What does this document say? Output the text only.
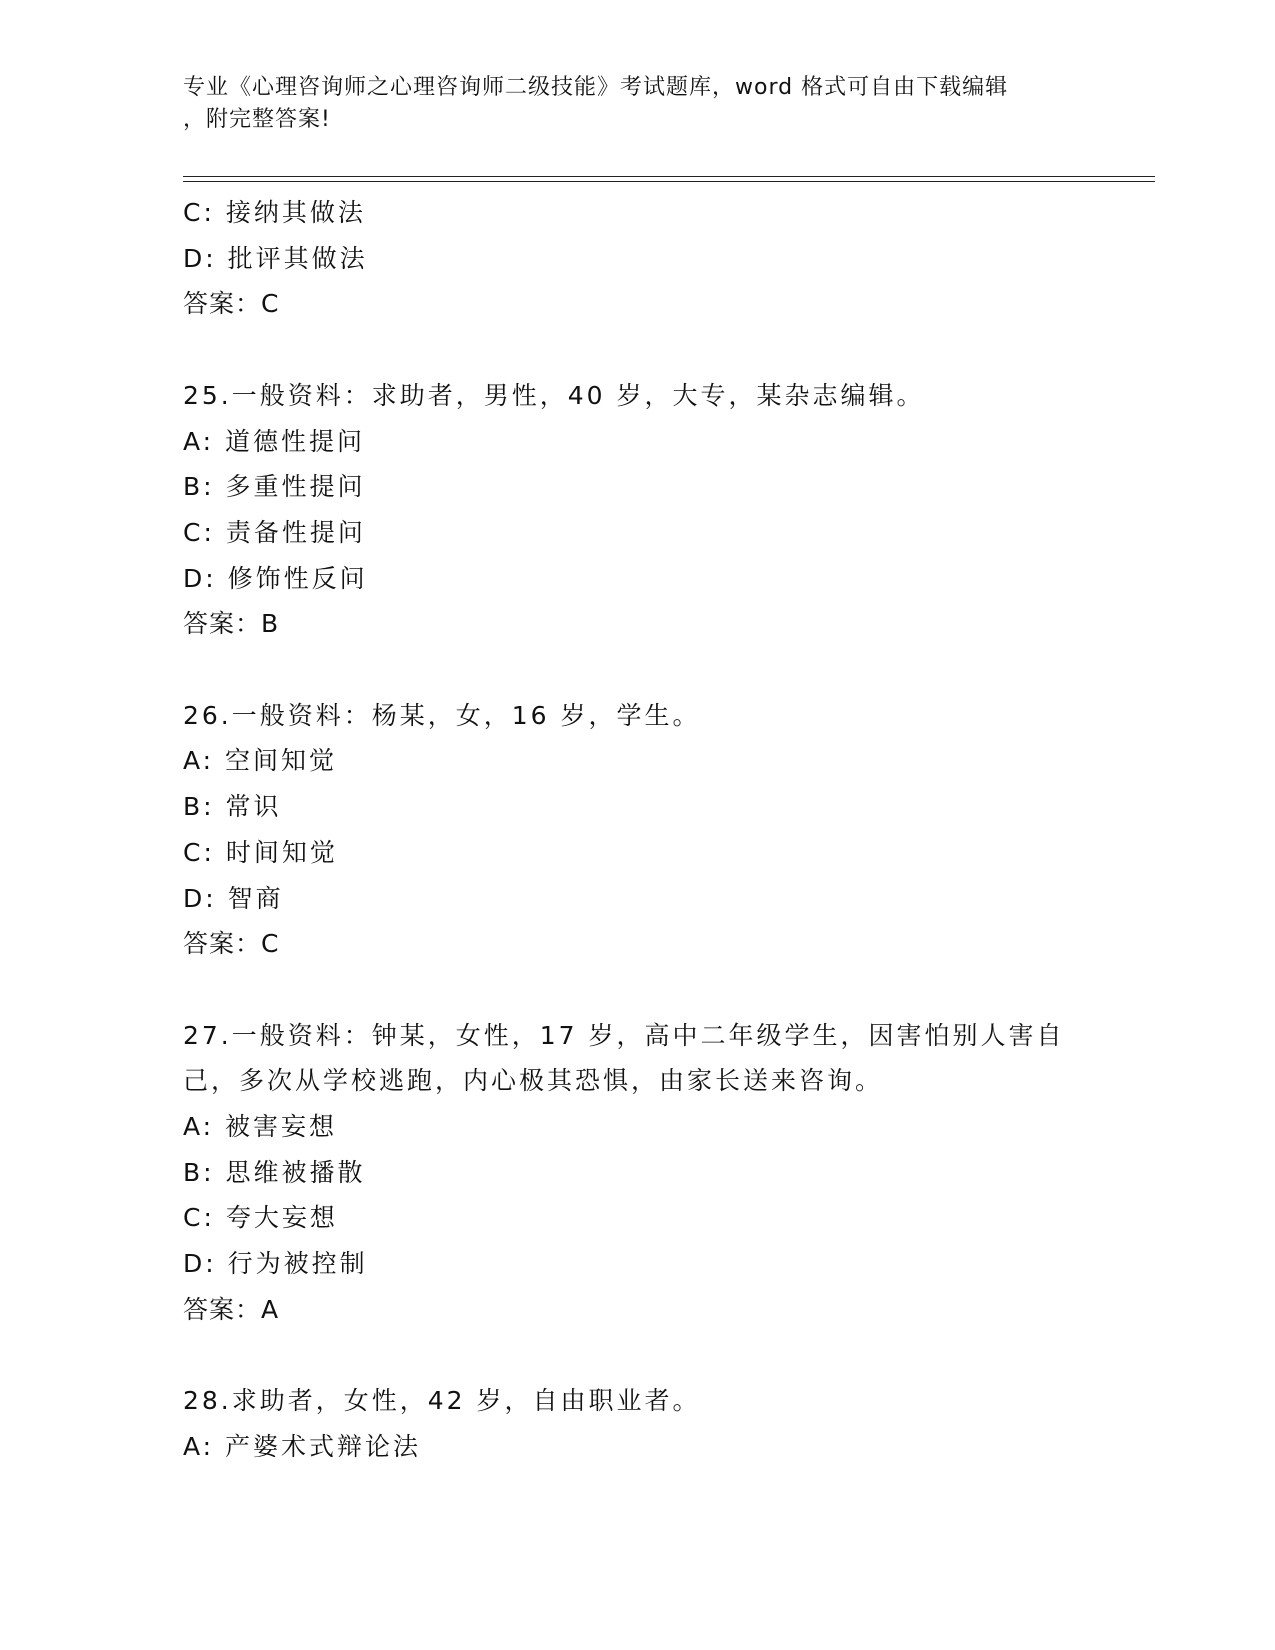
专业《心理咨询师之心理咨询师二级技能》考试题库，word 格式可自由下载编辑

，附完整答案!

C: 接纳其做法
D: 批评其做法
答案：C
25.一般资料：求助者，男性，40 岁，大专，某杂志编辑。
A: 道德性提问
B: 多重性提问
C: 责备性提问
D: 修饰性反问
答案：B
26.一般资料：杨某，女，16 岁，学生。
A: 空间知觉
B: 常识
C: 时间知觉
D: 智商
答案：C
27.一般资料：钟某，女性，17 岁，高中二年级学生，因害怕别人害自
己，多次从学校逃跑，内心极其恐惧，由家长送来咨询。
A: 被害妄想
B: 思维被播散
C: 夸大妄想
D: 行为被控制
答案：A
28.求助者，女性，42 岁，自由职业者。
A: 产婆术式辩论法
